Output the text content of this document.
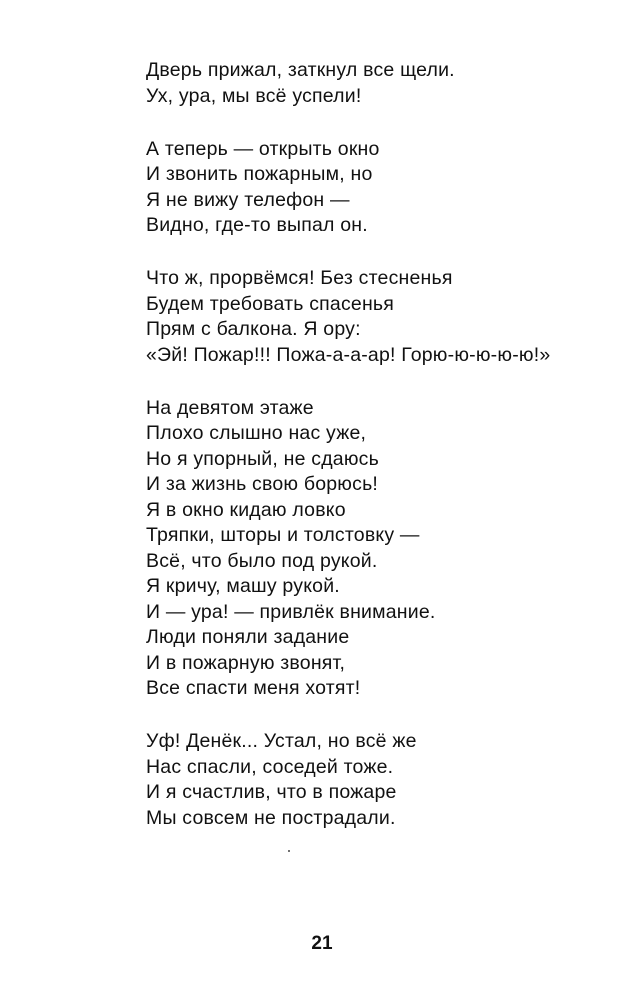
Дверь прижал, заткнул все щели.
Ух, ура, мы всё успели!
А теперь — открыть окно
И звонить пожарным, но
Я не вижу телефон —
Видно, где-то выпал он.
Что ж, прорвёмся! Без стесненья
Будем требовать спасенья
Прям с балкона. Я ору:
«Эй! Пожар!!! Пожа-а-а-ар! Горю-ю-ю-ю-ю!»
На девятом этаже
Плохо слышно нас уже,
Но я упорный, не сдаюсь
И за жизнь свою борюсь!
Я в окно кидаю ловко
Тряпки, шторы и толстовку —
Всё, что было под рукой.
Я кричу, машу рукой.
И — ура! — привлёк внимание.
Люди поняли задание
И в пожарную звонят,
Все спасти меня хотят!
Уф! Денёк... Устал, но всё же
Нас спасли, соседей тоже.
И я счастлив, что в пожаре
Мы совсем не пострадали.
21
